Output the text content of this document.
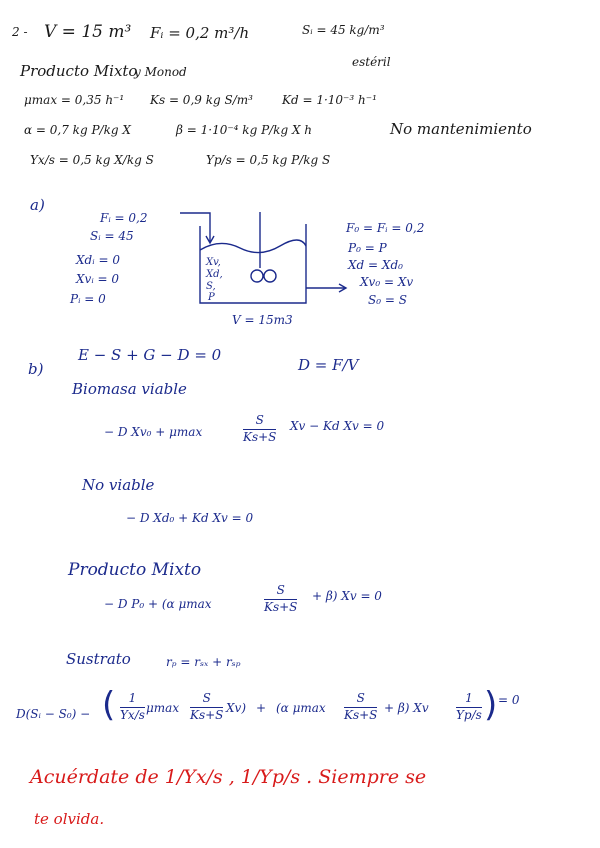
2 - V = 15 m³ Fᵢ = 0,2 m³/h	Sᵢ = 45 kg/m³
estéril
Producto Mixto
y Monod
μmax = 0,35 h⁻¹ Ks = 0,9 kg S/m³ Kd = 1·10⁻³ h⁻¹
α = 0,7 kg P/kg X	β = 1·10⁻⁴ kg P/kg X h	No mantenimiento
Yx/s = 0,5 kg X/kg S	Yp/s = 0,5 kg P/kg S
a)
Fᵢ = 0,2
Sᵢ = 45
Xdᵢ = 0
Xvᵢ = 0
Pᵢ = 0
Xv,
Xd,
S,
P
V = 15m3
F₀ = Fᵢ = 0,2
P₀ = P
Xd = Xd₀
Xv₀ = Xv
S₀ = S
b)
E − S + G − D = 0
D = F/V
Biomasa viable
− D Xv₀ + μmax
S
Ks+S
Xv − Kd Xv = 0
No viable
− D Xd₀ + Kd Xv = 0
Producto Mixto
− D P₀ + (α μmax
S
Ks+S
+ β) Xv = 0
Sustrato	rₚ = rₛₓ + rₛₚ
D(Sᵢ − S₀) − ( 1
Yx/s μmax
S
Ks+S Xv) + (α μmax
S
Ks+S + β) Xv
1
Yp/s ) = 0
Acuérdate de 1/Yx/s , 1/Yp/s . Siempre se
te olvida.
